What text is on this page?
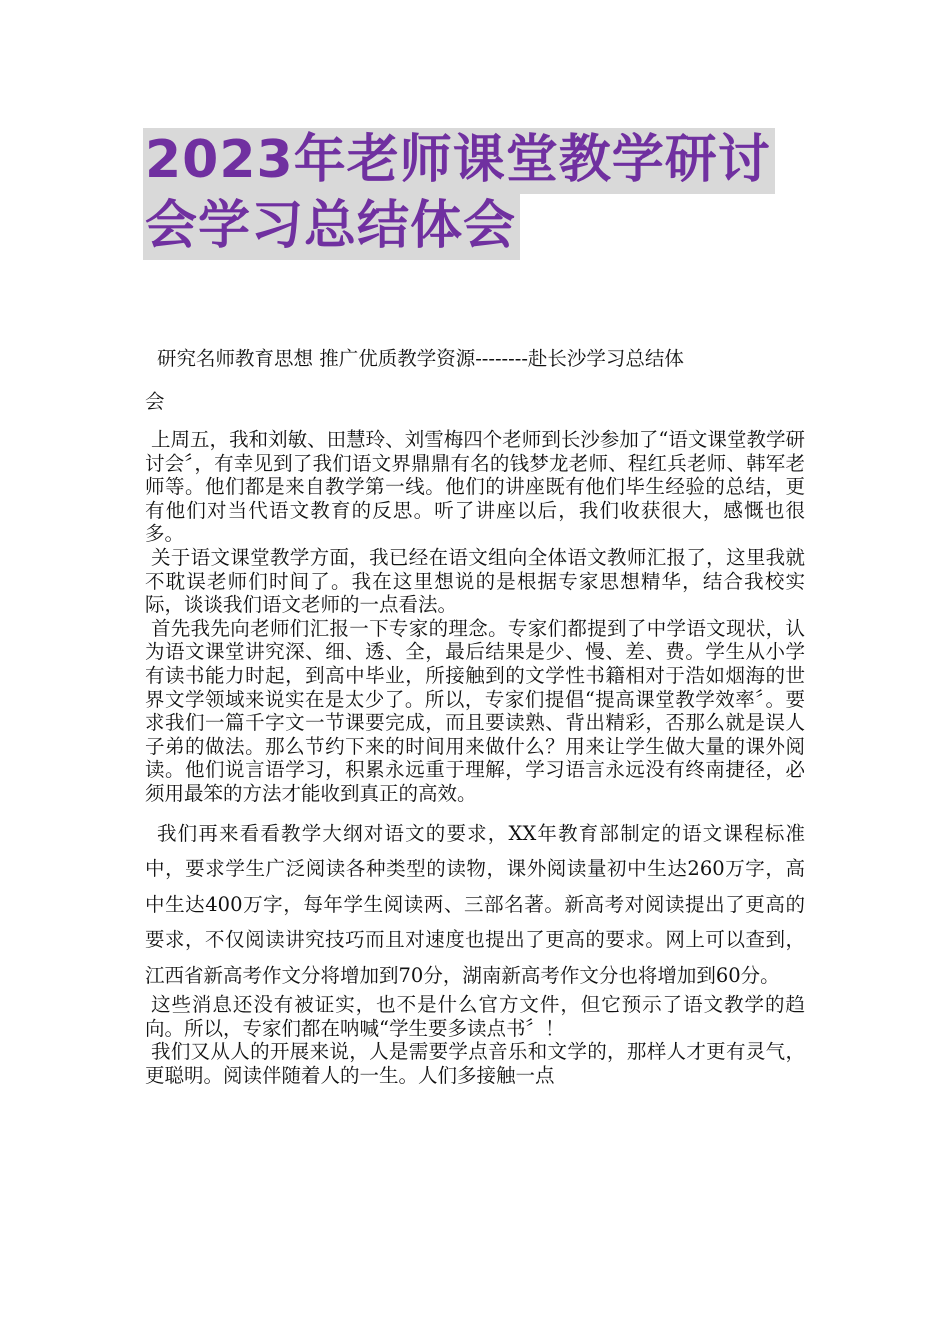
2023年老师课堂教学研讨
会学习总结体会

研究名师教育思想 推广优质教学资源--------赴长沙学习总结体

会

上周五，我和刘敏、田慧玲、刘雪梅四个老师到长沙参加了“语文课堂教学研讨会〞，有幸见到了我们语文界鼎鼎有名的钱梦龙老师、程红兵老师、韩军老师等。他们都是来自教学第一线。他们的讲座既有他们毕生经验的总结，更有他们对当代语文教育的反思。听了讲座以后，我们收获很大，感慨也很多。

关于语文课堂教学方面，我已经在语文组向全体语文教师汇报了，这里我就不耽误老师们时间了。我在这里想说的是根据专家思想精华，结合我校实际，谈谈我们语文老师的一点看法。

首先我先向老师们汇报一下专家的理念。专家们都提到了中学语文现状，认为语文课堂讲究深、细、透、全，最后结果是少、慢、差、费。学生从小学有读书能力时起，到高中毕业，所接触到的文学性书籍相对于浩如烟海的世界文学领域来说实在是太少了。所以，专家们提倡“提高课堂教学效率〞。要求我们一篇千字文一节课要完成，而且要读熟、背出精彩，否那么就是误人子弟的做法。那么节约下来的时间用来做什么？用来让学生做大量的课外阅读。他们说言语学习，积累永远重于理解，学习语言永远没有终南捷径，必须用最笨的方法才能收到真正的高效。

我们再来看看教学大纲对语文的要求，XX年教育部制定的语文课程标准中，要求学生广泛阅读各种类型的读物，课外阅读量初中生达260万字，高中生达400万字，每年学生阅读两、三部名著。新高考对阅读提出了更高的要求，不仅阅读讲究技巧而且对速度也提出了更高的要求。网上可以查到，江西省新高考作文分将增加到70分，湖南新高考作文分也将增加到60分。

这些消息还没有被证实，也不是什么官方文件，但它预示了语文教学的趋向。所以，专家们都在呐喊“学生要多读点书〞！

我们又从人的开展来说，人是需要学点音乐和文学的，那样人才更有灵气，更聪明。阅读伴随着人的一生。人们多接触一点
